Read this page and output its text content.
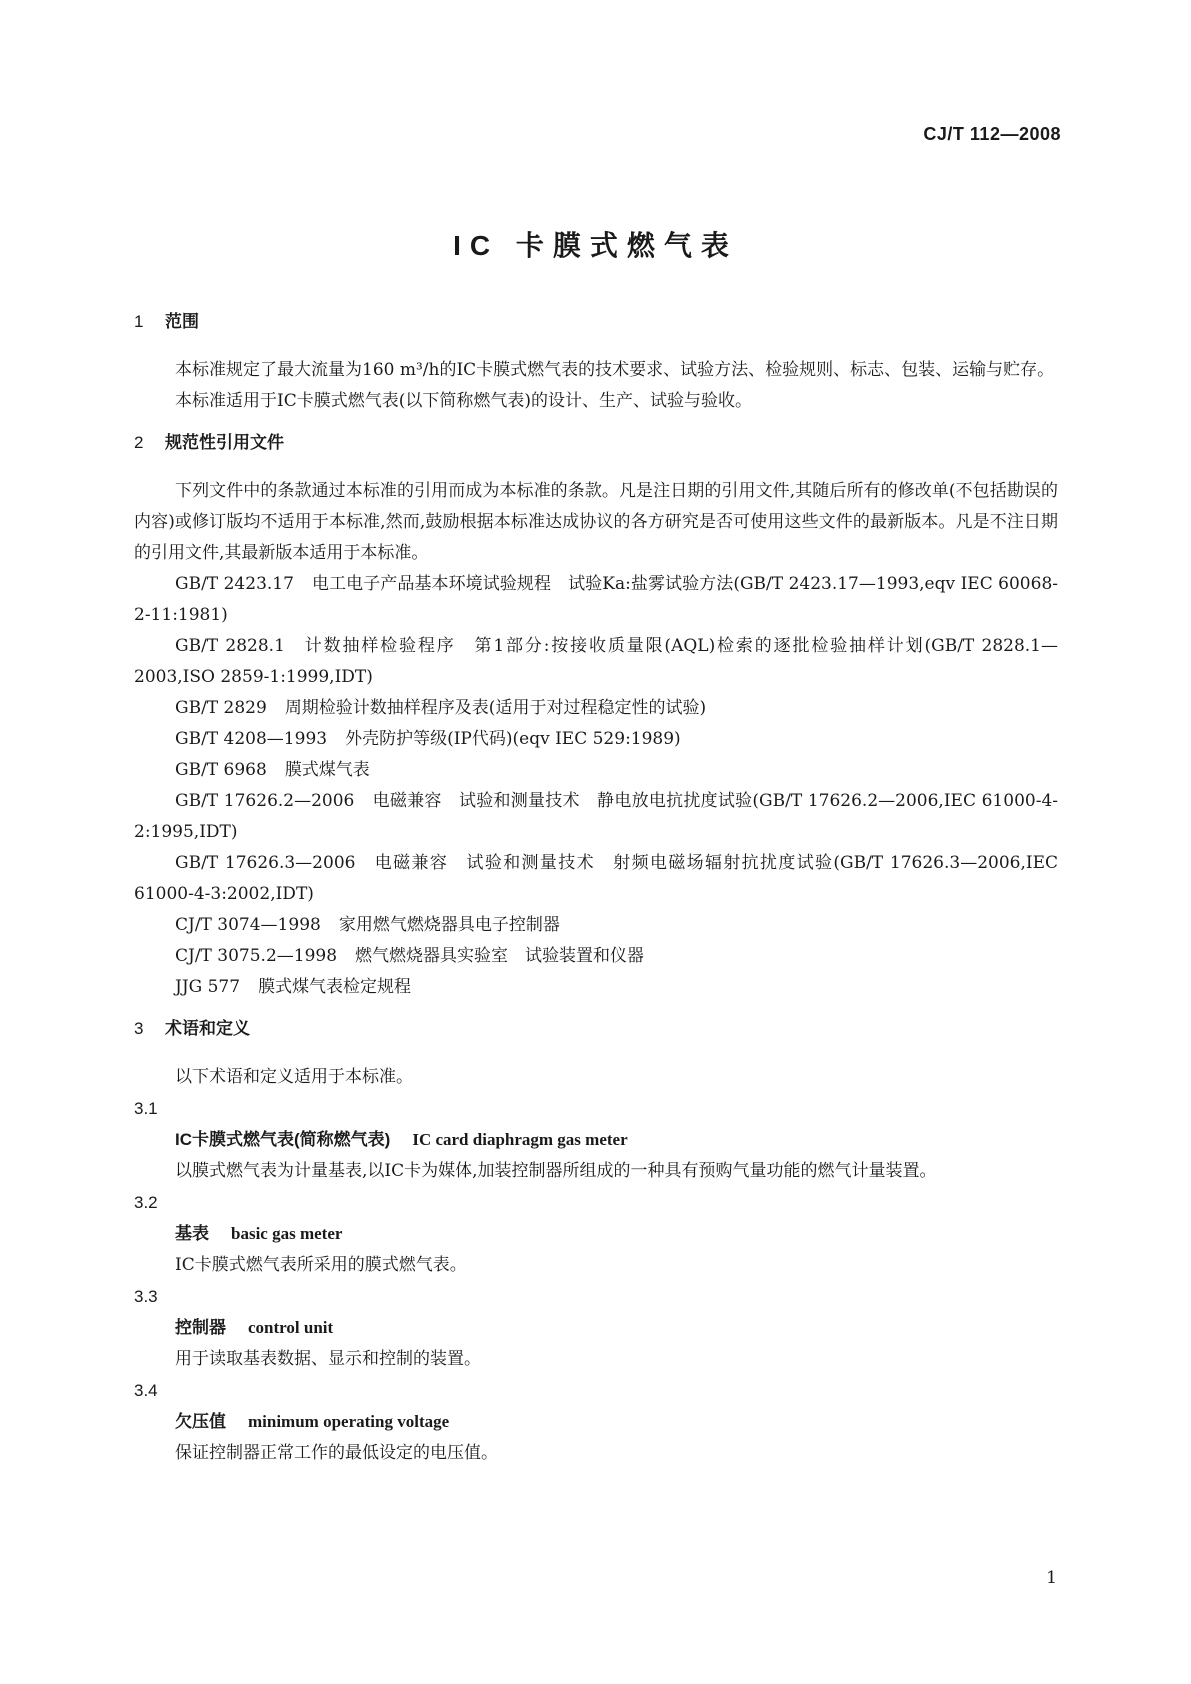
CJ/T 112—2008
IC 卡膜式燃气表
1 范围

本标准规定了最大流量为160 m³/h的IC卡膜式燃气表的技术要求、试验方法、检验规则、标志、包装、运输与贮存。

本标准适用于IC卡膜式燃气表(以下简称燃气表)的设计、生产、试验与验收。

2 规范性引用文件

下列文件中的条款通过本标准的引用而成为本标准的条款。凡是注日期的引用文件,其随后所有的修改单(不包括勘误的内容)或修订版均不适用于本标准,然而,鼓励根据本标准达成协议的各方研究是否可使用这些文件的最新版本。凡是不注日期的引用文件,其最新版本适用于本标准。

GB/T 2423.17 电工电子产品基本环境试验规程　试验Ka:盐雾试验方法(GB/T 2423.17—1993,eqv IEC 60068-2-11:1981)

GB/T 2828.1 计数抽样检验程序　第1部分:按接收质量限(AQL)检索的逐批检验抽样计划(GB/T 2828.1—2003,ISO 2859-1:1999,IDT)

GB/T 2829 周期检验计数抽样程序及表(适用于对过程稳定性的试验)

GB/T 4208—1993 外壳防护等级(IP代码)(eqv IEC 529:1989)

GB/T 6968 膜式煤气表

GB/T 17626.2—2006 电磁兼容　试验和测量技术　静电放电抗扰度试验(GB/T 17626.2—2006,IEC 61000-4-2:1995,IDT)

GB/T 17626.3—2006 电磁兼容　试验和测量技术　射频电磁场辐射抗扰度试验(GB/T 17626.3—2006,IEC 61000-4-3:2002,IDT)

CJ/T 3074—1998 家用燃气燃烧器具电子控制器

CJ/T 3075.2—1998 燃气燃烧器具实验室　试验装置和仪器

JJG 577 膜式煤气表检定规程

3 术语和定义

以下术语和定义适用于本标准。

3.1

IC卡膜式燃气表(简称燃气表) IC card diaphragm gas meter

以膜式燃气表为计量基表,以IC卡为媒体,加装控制器所组成的一种具有预购气量功能的燃气计量装置。

3.2

基表 basic gas meter

IC卡膜式燃气表所采用的膜式燃气表。

3.3

控制器 control unit

用于读取基表数据、显示和控制的装置。

3.4

欠压值 minimum operating voltage

保证控制器正常工作的最低设定的电压值。

1
